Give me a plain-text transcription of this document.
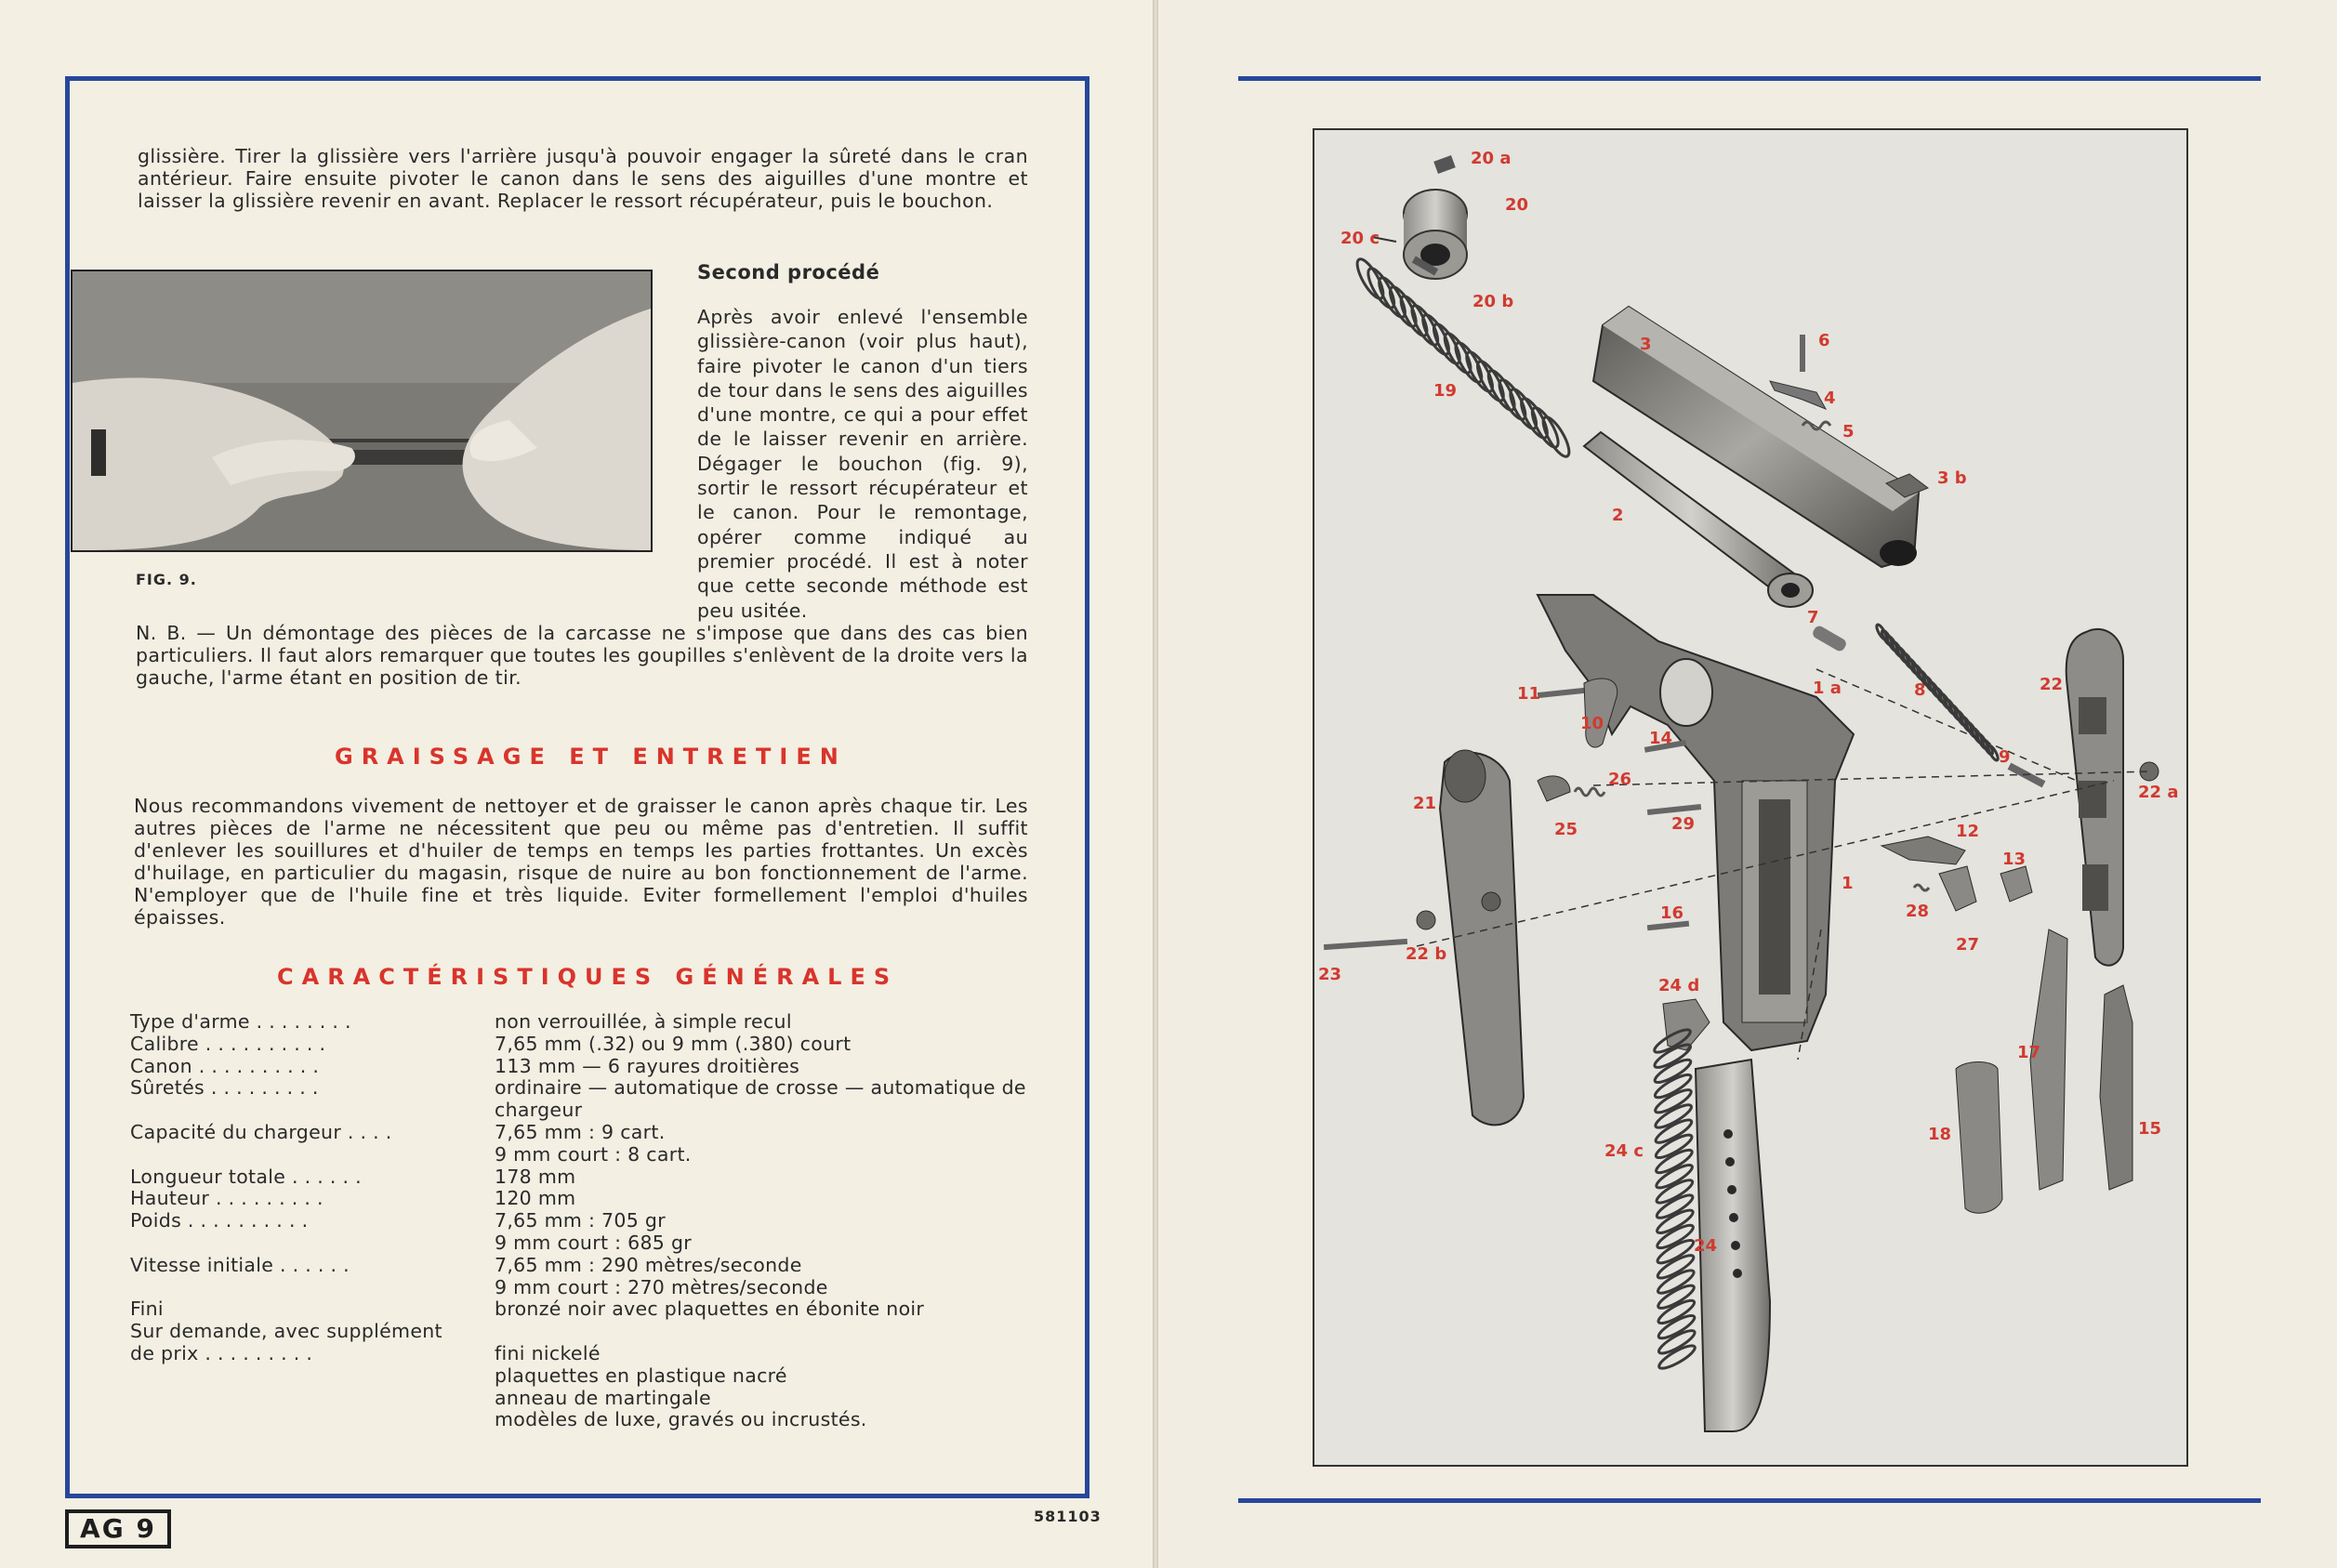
glissière. Tirer la glissière vers l'arrière jusqu'à pouvoir engager la sûreté dans le cran antérieur. Faire ensuite pivoter le canon dans le sens des aiguilles d'une montre et laisser la glissière revenir en avant. Replacer le ressort récupérateur, puis le bouchon.

FIG. 9.
Second procédé

Après avoir enlevé l'ensemble glissière-canon (voir plus haut), faire pivoter le canon d'un tiers de tour dans le sens des aiguilles d'une montre, ce qui a pour effet de le laisser revenir en arrière. Dégager le bouchon (fig. 9), sortir le ressort récupérateur et le canon. Pour le remontage, opérer comme indiqué au premier procédé. Il est à noter que cette seconde méthode est peu usitée.

N. B. — Un démontage des pièces de la carcasse ne s'impose que dans des cas bien particuliers. Il faut alors remarquer que toutes les goupilles s'enlèvent de la droite vers la gauche, l'arme étant en position de tir.

GRAISSAGE ET ENTRETIEN

Nous recommandons vivement de nettoyer et de graisser le canon après chaque tir. Les autres pièces de l'arme ne nécessitent que peu ou même pas d'entretien. Il suffit d'enlever les souillures et d'huiler de temps en temps les parties frottantes. Un excès d'huilage, en particulier du magasin, risque de nuire au bon fonctionnement de l'arme. N'employer que de l'huile fine et très liquide. Eviter formellement l'emploi d'huiles épaisses.

CARACTÉRISTIQUES GÉNÉRALES
Type d'arme . . . . . . . .	non verrouillée, à simple recul
Calibre . . . . . . . . . .	7,65 mm (.32) ou 9 mm (.380) court
Canon . . . . . . . . . .	113 mm — 6 rayures droitières
Sûretés . . . . . . . . .	ordinaire — automatique de crosse — automatique de chargeur
Capacité du chargeur . . . .	7,65 mm : 9 cart.
9 mm court : 8 cart.
Longueur totale . . . . . .	178 mm
Hauteur . . . . . . . . .	120 mm
Poids . . . . . . . . . .	7,65 mm : 705 gr
9 mm court : 685 gr
Vitesse initiale . . . . . .	7,65 mm : 290 mètres/seconde
9 mm court : 270 mètres/seconde
Fini	bronzé noir avec plaquettes en ébonite noir
Sur demande, avec supplément
de prix . . . . . . . . .	fini nickelé
plaquettes en plastique nacré
anneau de martingale
modèles de luxe, gravés ou incrustés.
AG 9	581103
20 a
20
20 c
20 b
3	6
4
5
3 b
19
2
7
8
1 a	22
22 a
9
11
10
14
26
21
25	29	12
13
1
28
27
16
23
22 b
24 d
17
15
18
24 c
24
